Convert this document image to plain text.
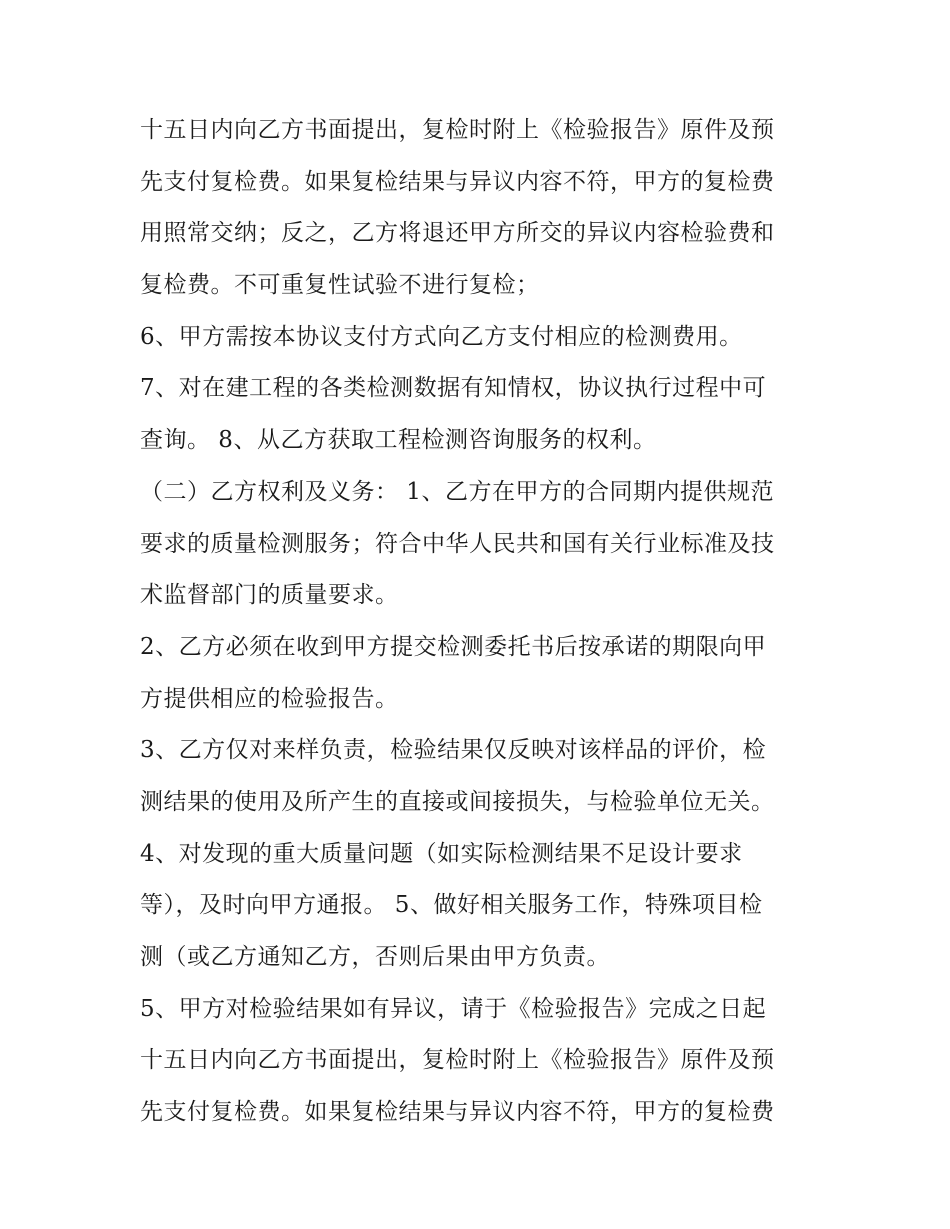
十五日内向乙方书面提出，复检时附上《检验报告》原件及预
先支付复检费。如果复检结果与异议内容不符，甲方的复检费
用照常交纳；反之，乙方将退还甲方所交的异议内容检验费和
复检费。不可重复性试验不进行复检；
6、甲方需按本协议支付方式向乙方支付相应的检测费用。
7、对在建工程的各类检测数据有知情权，协议执行过程中可
查询。 8、从乙方获取工程检测咨询服务的权利。
（二）乙方权利及义务： 1、乙方在甲方的合同期内提供规范
要求的质量检测服务；符合中华人民共和国有关行业标准及技
术监督部门的质量要求。
2、乙方必须在收到甲方提交检测委托书后按承诺的期限向甲
方提供相应的检验报告。
3、乙方仅对来样负责，检验结果仅反映对该样品的评价，检
测结果的使用及所产生的直接或间接损失，与检验单位无关。
4、对发现的重大质量问题（如实际检测结果不足设计要求
等），及时向甲方通报。 5、做好相关服务工作，特殊项目检
测（或乙方通知乙方，否则后果由甲方负责。
5、甲方对检验结果如有异议，请于《检验报告》完成之日起
十五日内向乙方书面提出，复检时附上《检验报告》原件及预
先支付复检费。如果复检结果与异议内容不符，甲方的复检费
